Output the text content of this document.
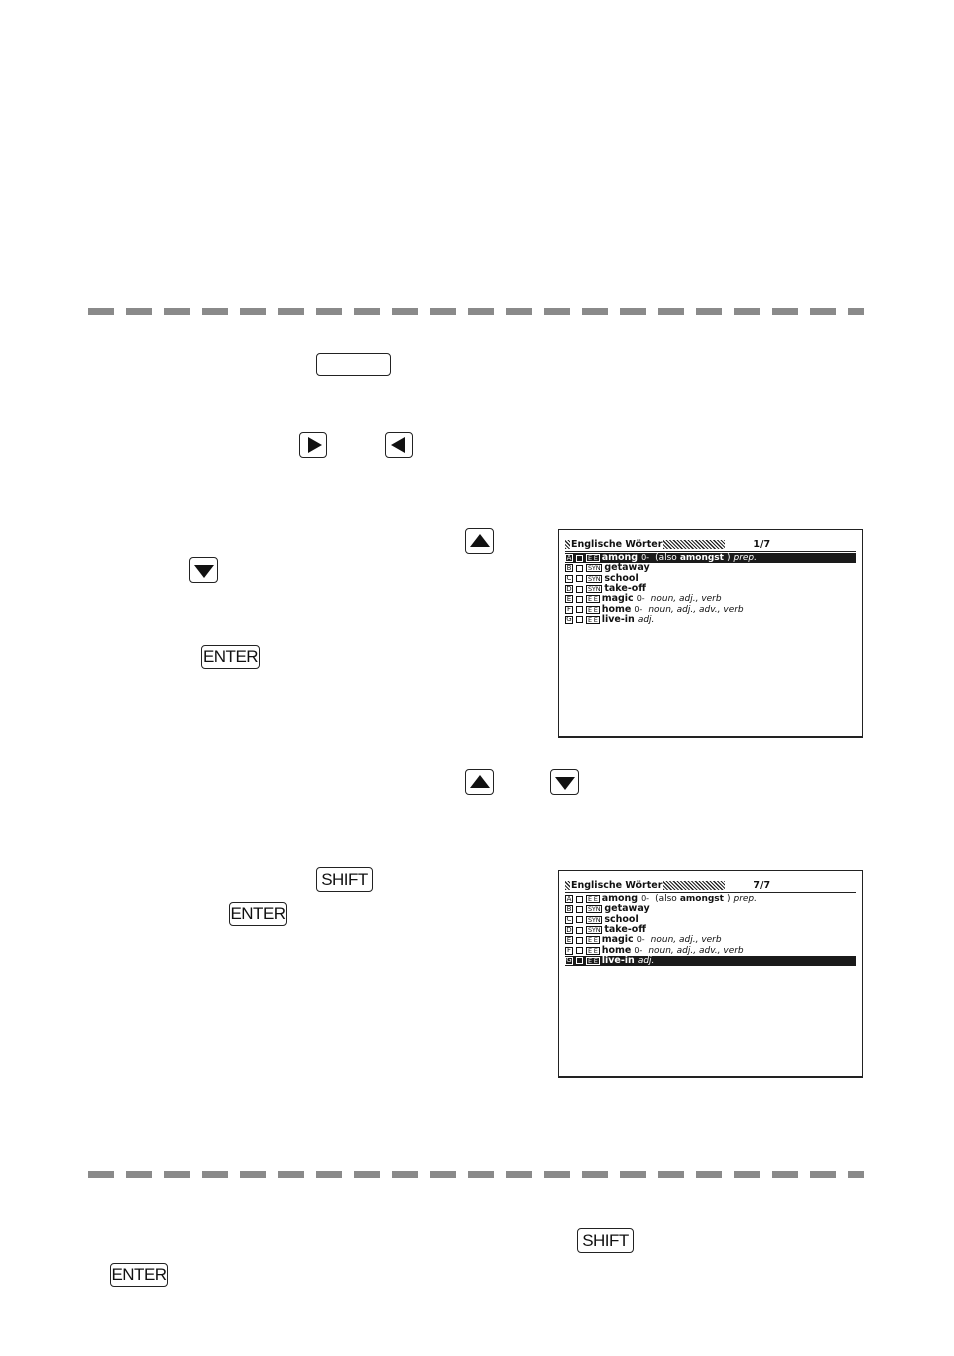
ENTER
SHIFT
ENTER
SHIFT
ENTER
Englische Wörter	1/7
A	E E among 0- (also amongst ) prep.
B	SYN getaway
C	SYN school
D	SYN take-off
E	E E magic 0- noun, adj., verb
F	E E home 0- noun, adj., adv., verb
G	E E live-in adj.
Englische Wörter	7/7
A	E E among 0- (also amongst ) prep.
B	SYN getaway
C	SYN school
D	SYN take-off
E	E E magic 0- noun, adj., verb
F	E E home 0- noun, adj., adv., verb
G	E E live-in adj.
